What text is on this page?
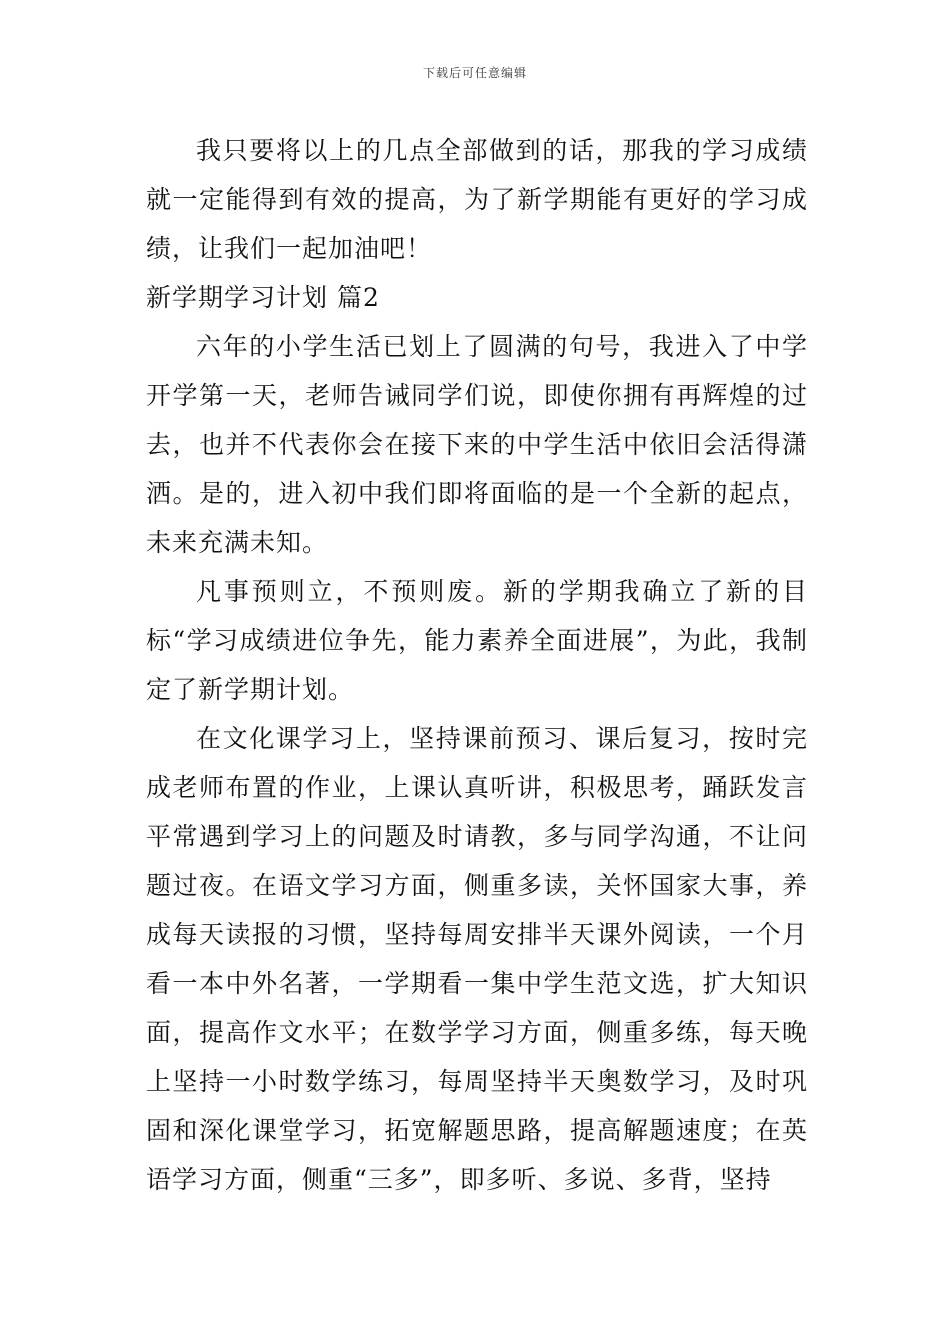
下载后可任意编辑

我只要将以上的几点全部做到的话，那我的学习成绩就一定能得到有效的提高，为了新学期能有更好的学习成绩，让我们一起加油吧！

新学期学习计划 篇2

六年的小学生活已划上了圆满的句号，我进入了中学开学第一天，老师告诫同学们说，即使你拥有再辉煌的过去，也并不代表你会在接下来的中学生活中依旧会活得潇洒。是的，进入初中我们即将面临的是一个全新的起点，未来充满未知。

凡事预则立，不预则废。新的学期我确立了新的目标“学习成绩进位争先，能力素养全面进展”，为此，我制定了新学期计划。

在文化课学习上，坚持课前预习、课后复习，按时完成老师布置的作业，上课认真听讲，积极思考，踊跃发言平常遇到学习上的问题及时请教，多与同学沟通，不让问题过夜。在语文学习方面，侧重多读，关怀国家大事，养成每天读报的习惯，坚持每周安排半天课外阅读，一个月看一本中外名著，一学期看一集中学生范文选，扩大知识面，提高作文水平；在数学学习方面，侧重多练，每天晚上坚持一小时数学练习，每周坚持半天奥数学习，及时巩固和深化课堂学习，拓宽解题思路，提高解题速度；在英语学习方面，侧重“三多”，即多听、多说、多背，坚持
